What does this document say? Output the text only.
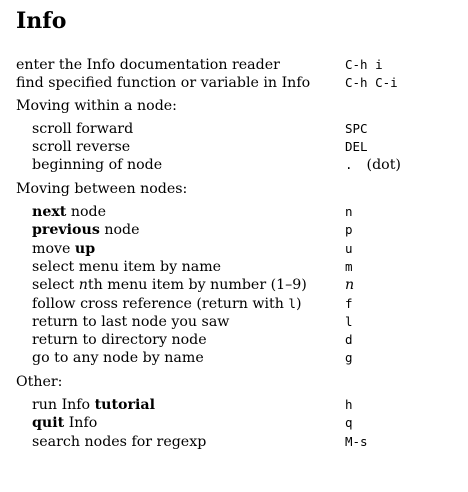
Info
enter the Info documentation reader	C-h i
find specified function or variable in Info	C-h C-i
Moving within a node:
scroll forward	SPC
scroll reverse	DEL
beginning of node	. (dot)
Moving between nodes:
next node	n
previous node	p
move up	u
select menu item by name	m
select nth menu item by number (1–9)	n
follow cross reference (return with l)	f
return to last node you saw	l
return to directory node	d
go to any node by name	g
Other:
run Info tutorial	h
quit Info	q
search nodes for regexp	M-s
